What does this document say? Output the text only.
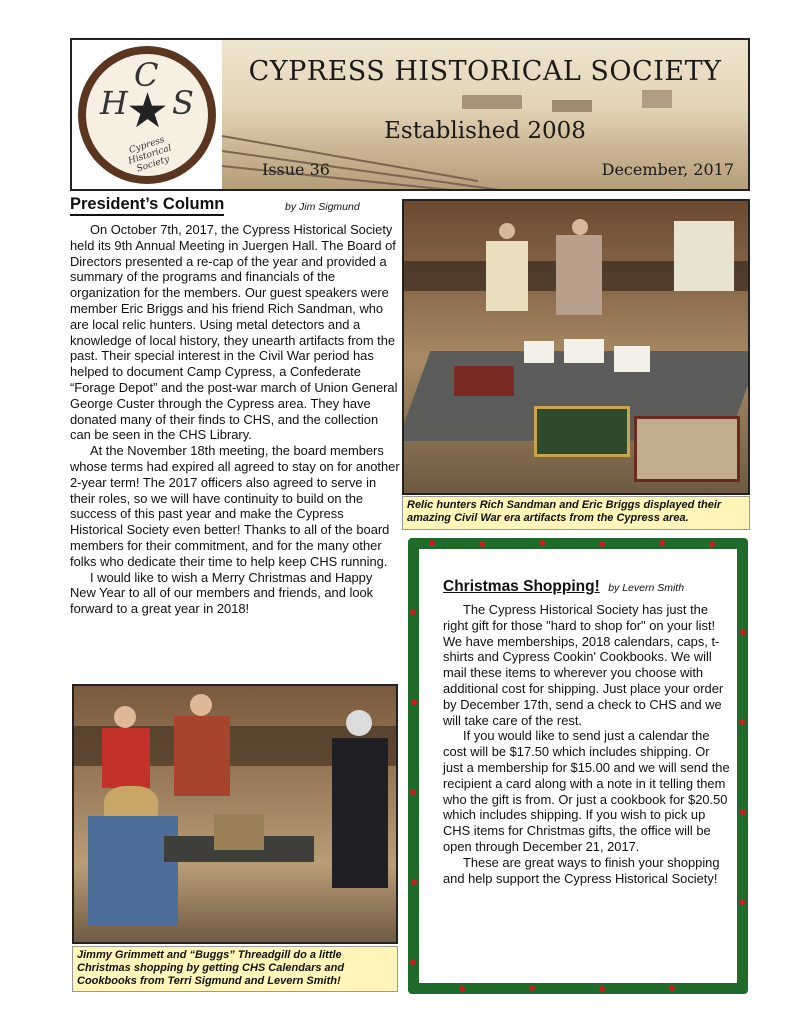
H
C
S
★
Cypress Historical Society
CYPRESS HISTORICAL SOCIETY
Established 2008
Issue 36	December, 2017
President’s Column	by Jim Sigmund

On October 7th, 2017, the Cypress Historical Society held its 9th Annual Meeting in Juergen Hall. The Board of Directors presented a re-cap of the year and provided a summary of the programs and financials of the organization for the members. Our guest speakers were member Eric Briggs and his friend Rich Sandman, who are local relic hunters. Using metal detectors and a knowledge of local history, they unearth artifacts from the past. Their special interest in the Civil War period has helped to document Camp Cypress, a Confederate “Forage Depot” and the post-war march of Union General George Custer through the Cypress area. They have donated many of their finds to CHS, and the collection can be seen in the CHS Library.

At the November 18th meeting, the board members whose terms had expired all agreed to stay on for another 2-year term! The 2017 officers also agreed to serve in their roles, so we will have continuity to build on the success of this past year and make the Cypress Historical Society even better! Thanks to all of the board members for their commitment, and for the many other folks who dedicate their time to help keep CHS running.

I would like to wish a Merry Christmas and Happy New Year to all of our members and friends, and look forward to a great year in 2018!

Relic hunters Rich Sandman and Eric Briggs displayed their amazing Civil War era artifacts from the Cypress area.
Jimmy Grimmett and “Buggs” Threadgill do a little Christmas shopping by getting CHS Calendars and Cookbooks from Terri Sigmund and Levern Smith!
Christmas Shopping! by Levern Smith

The Cypress Historical Society has just the right gift for those "hard to shop for" on your list! We have memberships, 2018 calendars, caps, t-shirts and Cypress Cookin' Cookbooks. We will mail these items to wherever you choose with additional cost for shipping. Just place your order by December 17th, send a check to CHS and we will take care of the rest.

If you would like to send just a calendar the cost will be $17.50 which includes shipping. Or just a membership for $15.00 and we will send the recipient a card along with a note in it telling them who the gift is from. Or just a cookbook for $20.50 which includes shipping. If you wish to pick up CHS items for Christmas gifts, the office will be open through December 21, 2017.

These are great ways to finish your shopping and help support the Cypress Historical Society!
